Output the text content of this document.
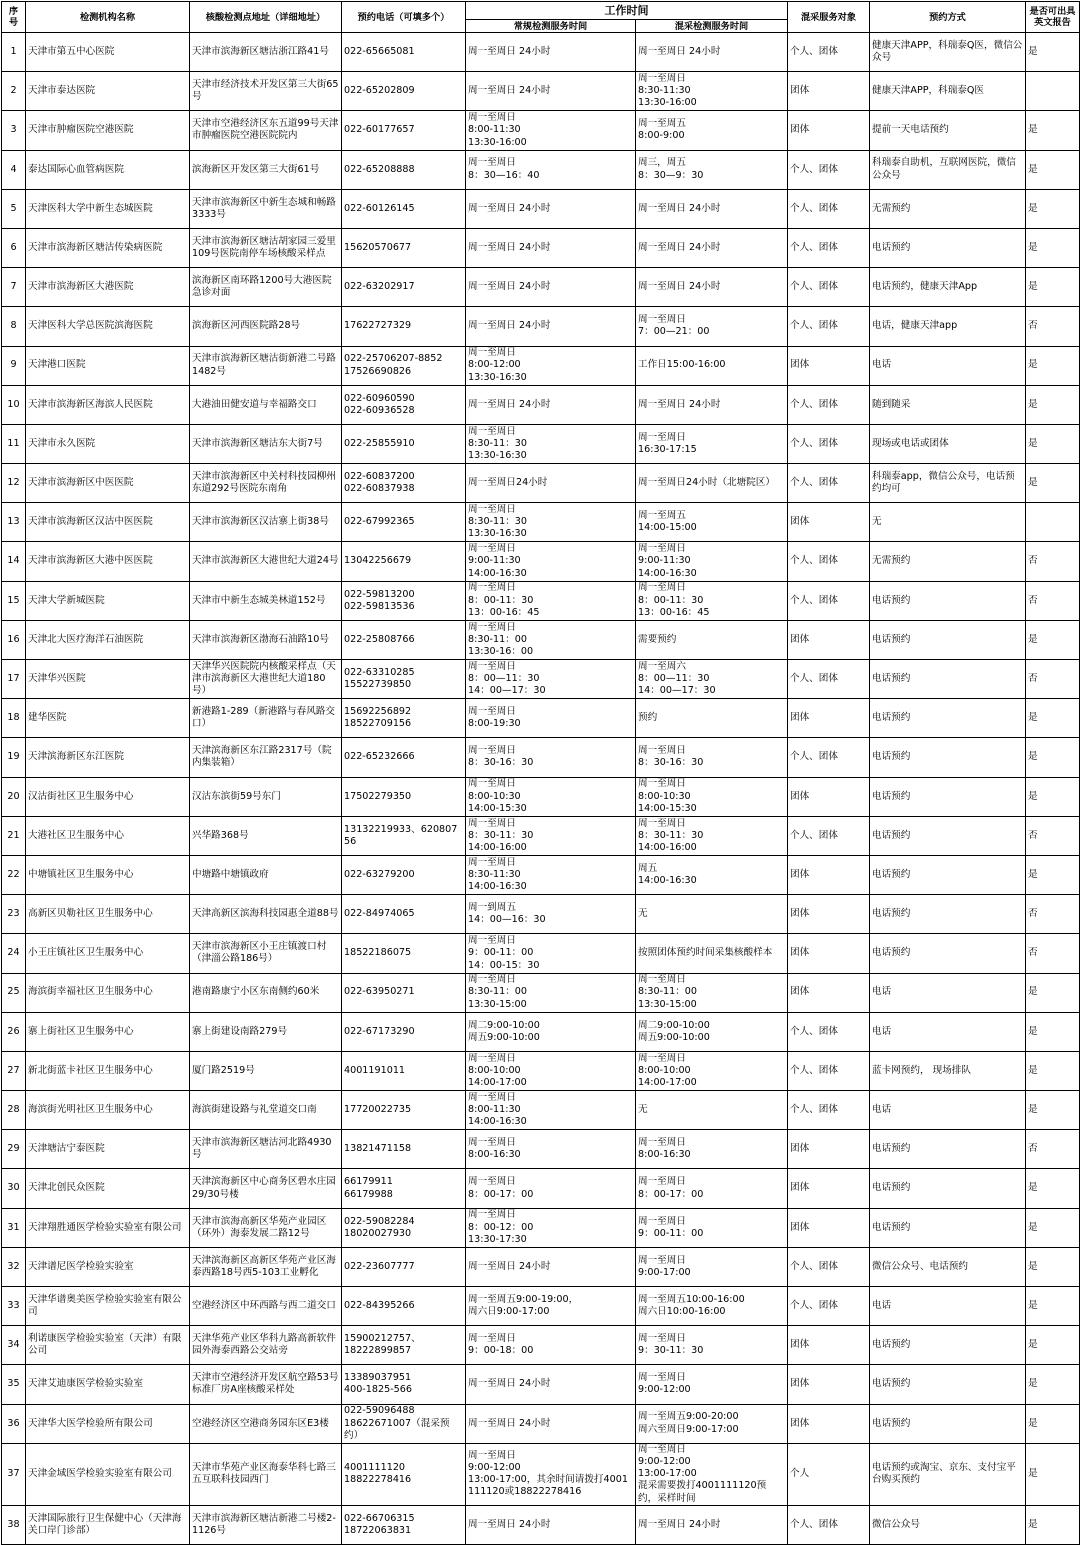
序
号	检测机构名称	核酸检测点地址（详细地址）	预约电话（可填多个）	工作时间		混采服务对象	预约方式	是否可出具英文报告
				常规检测服务时间	混采检测服务时间			
1	天津市第五中心医院	天津市滨海新区塘沽浙江路41号	022-65665081	周一至周日 24小时	周一至周日 24小时	个人、团体	健康天津APP，科瑞泰Q医，微信公众号	是
2	天津市泰达医院	天津市经济技术开发区第三大街65号	022-65202809	周一至周日 24小时	周一至周日
8:30-11:30
13:30-16:00	团体	健康天津APP，科瑞泰Q医	
3	天津市肿瘤医院空港医院	天津市空港经济区东五道99号天津市肿瘤医院空港医院院内	022-60177657	周一至周日
8:00-11:30
13:30-16:00	周一至周五
8:00-9:00	团体	提前一天电话预约	是
4	泰达国际心血管病医院	滨海新区开发区第三大街61号	022-65208888	周一至周日
8：30—16：40	周三，周五
8：30—9：30	个人、团体	科瑞泰自助机，互联网医院，微信公众号	是
5	天津医科大学中新生态城医院	天津市滨海新区中新生态城和畅路3333号	022-60126145	周一至周日 24小时	周一至周日 24小时	个人、团体	无需预约	是
6	天津市滨海新区塘沽传染病医院	天津市滨海新区塘沽胡家园三爱里109号医院南停车场核酸采样点	15620570677	周一至周日 24小时	周一至周日 24小时	个人、团体	电话预约	是
7	天津市滨海新区大港医院	滨海新区南环路1200号大港医院急诊对面	022-63202917	周一至周日 24小时	周一至周日 24小时	个人、团体	电话预约，健康天津App	是
8	天津医科大学总医院滨海医院	滨海新区河西医院路28号	17622727329	周一至周日 24小时	周一至周日
7：00—21：00	个人、团体	电话，健康天津app	否
9	天津港口医院	天津市滨海新区塘沽街新港二号路1482号	022-25706207-8852
17526690826	周一至周日
8:00-12:00
13:30-16:30	工作日15:00-16:00	团体	电话	是
10	天津市滨海新区海滨人民医院	大港油田健安道与幸福路交口	022-60960590
022-60936528	周一至周日 24小时	周一至周日 24小时	个人、团体	随到随采	是
11	天津市永久医院	天津市滨海新区塘沽东大街7号	022-25855910	周一至周日
8:30-11：30
13:30-16:30	周一至周日
16:30-17:15	个人、团体	现场或电话或团体	是
12	天津市滨海新区中医医院	天津市滨海新区中关村科技园柳州东道292号医院东南角	022-60837200
022-60837938	周一至周日24小时	周一至周日24小时（北塘院区）	个人、团体	科瑞泰app，微信公众号，电话预约均可	是
13	天津市滨海新区汉沽中医医院	天津市滨海新区汉沽寨上街38号	022-67992365	周一至周日
8:30-11：30
13:30-16:30	周一至周五
14:00-15:00	团体	无	
14	天津市滨海新区大港中医医院	天津市滨海新区大港世纪大道24号	13042256679	周一至周日
9:00-11:30
14:00-16:30	周一至周日
9:00-11:30
14:00-16:30	个人、团体	无需预约	否
15	天津大学新城医院	天津市中新生态城美林道152号	022-59813200
022-59813536	周一至周日
8：00-11：30
13：00-16：45	周一至周日
8：00-11：30
13：00-16：45	个人、团体	电话预约	否
16	天津北大医疗海洋石油医院	天津市滨海新区渤海石油路10号	022-25808766	周一至周日
8:30-11：00
13:30-16：00	需要预约	团体	电话预约	是
17	天津华兴医院	天津华兴医院院内核酸采样点（天津市滨海新区大港世纪大道180号）	022-63310285
15522739850	周一至周日
8：00—11：30
14：00—17：30	周一至周六
8：00—11：30
14：00—17：30	个人、团体	电话预约	否
18	建华医院	新港路1-289（新港路与春风路交口）	15692256892
18522709156	周一至周日
8:00-19:30	预约	团体	电话预约	是
19	天津滨海新区东江医院	天津滨海新区东江路2317号（院内集装箱）	022-65232666	周一至周日
8：30-16：30	周一至周日
8：30-16：30	个人、团体	电话预约	是
20	汉沽街社区卫生服务中心	汉沽东滨街59号东门	17502279350	周一至周日
8:00-10:30
14:00-15:30	周一至周日
8:00-10:30
14:00-15:30	团体	电话预约	是
21	大港社区卫生服务中心	兴华路368号	13132219933、62080756	周一至周日
8：30-11：30
14:00-16:00	周一至周日
8：30-11：30
14:00-16:00	个人、团体	电话预约	否
22	中塘镇社区卫生服务中心	中塘路中塘镇政府	022-63279200	周一至周日
8:30-11:30
14:00-16:30	周五
14:00-16:30	团体	电话预约	是
23	高新区贝勒社区卫生服务中心	天津高新区滨海科技园惠全道88号	022-84974065	周一到周五
14：00—16：30	无	团体	电话预约	否
24	小王庄镇社区卫生服务中心	天津市滨海新区小王庄镇渡口村（津淄公路186号）	18522186075	周一至周日
9：00-11：00
14：00-15：30	按照团体预约时间采集核酸样本	团体	电话预约	否
25	海滨街幸福社区卫生服务中心	港南路康宁小区东南侧约60米	022-63950271	周一至周日
8:30-11：00
13:30-15:00	周一至周日
8:30-11：00
13:30-15:00	团体	电话	是
26	寨上街社区卫生服务中心	寨上街建设南路279号	022-67173290	周二9:00-10:00
周五9:00-10:00	周二9:00-10:00
周五9:00-10:00	个人、团体	电话	是
27	新北街蓝卡社区卫生服务中心	厦门路2519号	4001191011	周一至周日
8:00-10:00
14:00-17:00	周一至周日
8:00-10:00
14:00-17:00	个人、团体	蓝卡网预约， 现场排队	是
28	海滨街光明社区卫生服务中心	海滨街建设路与礼堂道交口南	17720022735	周一至周日
8:00-11:30
14:00-16:30	无	个人、团体	电话	是
29	天津塘沽宁泰医院	天津市滨海新区塘沽河北路4930号	13821471158	周一至周日
8:00-16:30	周一至周日
8:00-16:30	团体	电话预约	否
30	天津北创民众医院	天津滨海新区中心商务区碧水庄园29/30号楼	66179911
66179988	周一至周日
8：00-17：00	周一至周日
8：00-17：00	团体	电话预约	是
31	天津翔胜通医学检验实验室有限公司	天津市滨海高新区华苑产业园区（环外）海泰发展二路12号	022-59082284
18020027930	周一至周日
8：00-12：00
13:30-17:30	周一至周日
9：00-11：00	团体	电话预约	是
32	天津谱尼医学检验实验室	天津滨海新区高新区华苑产业区海泰西路18号西5-103工业孵化	022-23607777	周一至周日 24小时	周一至周日
9:00-17:00	个人、团体	微信公众号、电话预约	是
33	天津华谱奥美医学检验实验室有限公司	空港经济区中环西路与西二道交口	022-84395266	周一至周五9:00-19:00，
周六日9:00-17:00	周一至周五10:00-16:00
周六日10:00-16:00	个人、团体	电话	是
34	利诺康医学检验实验室（天津）有限公司	天津华苑产业区华科九路高新软件园外海泰西路公交站旁	15900212757、
18222899857	周一至周日
9：00-18：00	周一至周日
9：30-11：30	团体	电话预约	是
35	天津艾迪康医学检验实验室	天津市空港经济开发区航空路53号标准厂房A座核酸采样处	13389037951
400-1825-566	周一至周日 24小时	周一至周日
9:00-12:00	团体	电话预约	是
36	天津华大医学检验所有限公司	空港经济区空港商务园东区E3楼	022-59096488
18622671007（混采预约）	周一至周日 24小时	周一至周五9:00-20:00
周六至周日9:00-17:00	团体	电话预约	是
37	天津金域医学检验实验室有限公司	天津市华苑产业区海泰华科七路三五互联科技园西门	4001111120
18822278416	周一至周日
9:00-12:00
13:00-17:00，其余时间请拨打4001111120或18822278416	周一至周日
9:00-12:00
13:00-17:00
混采需要拨打4001111120预约，采样时间	个人	电话预约或淘宝、京东、支付宝平台购买预约	是
38	天津国际旅行卫生保健中心（天津海关口岸门诊部）	天津市滨海新区塘沽新港二号楼2-1126号	022-66706315
18722063831	周一至周日 24小时	周一至周日 24小时	个人、团体	微信公众号	是
